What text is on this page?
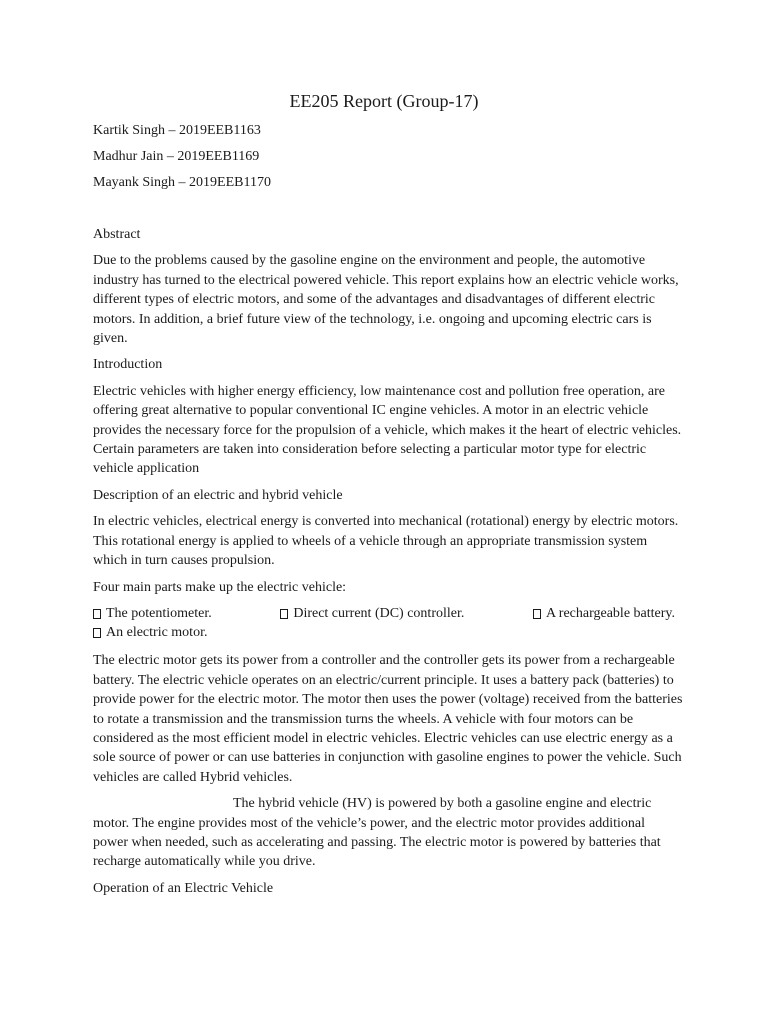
EE205 Report (Group-17)
Kartik Singh – 2019EEB1163
Madhur Jain – 2019EEB1169
Mayank Singh – 2019EEB1170

Abstract

Due to the problems caused by the gasoline engine on the environment and people, the automotive industry has turned to the electrical powered vehicle. This report explains how an electric vehicle works, different types of electric motors, and some of the advantages and disadvantages of different electric motors. In addition, a brief future view of the technology, i.e. ongoing and upcoming electric cars is given.

Introduction

Electric vehicles with higher energy efficiency, low maintenance cost and pollution free operation, are offering great alternative to popular conventional IC engine vehicles. A motor in an electric vehicle provides the necessary force for the propulsion of a vehicle, which makes it the heart of electric vehicles. Certain parameters are taken into consideration before selecting a particular motor type for electric vehicle application

Description of an electric and hybrid vehicle

In electric vehicles, electrical energy is converted into mechanical (rotational) energy by electric motors. This rotational energy is applied to wheels of a vehicle through an appropriate transmission system which in turn causes propulsion.

Four main parts make up the electric vehicle:

The potentiometer.	Direct current (DC) controller.	A rechargeable battery.
An electric motor.

The electric motor gets its power from a controller and the controller gets its power from a rechargeable battery. The electric vehicle operates on an electric/current principle. It uses a battery pack (batteries) to provide power for the electric motor. The motor then uses the power (voltage) received from the batteries to rotate a transmission and the transmission turns the wheels. A vehicle with four motors can be considered as the most efficient model in electric vehicles. Electric vehicles can use electric energy as a sole source of power or can use batteries in conjunction with gasoline engines to power the vehicle. Such vehicles are called Hybrid vehicles.

The hybrid vehicle (HV) is powered by both a gasoline engine and electric motor. The engine provides most of the vehicle’s power, and the electric motor provides additional power when needed, such as accelerating and passing. The electric motor is powered by batteries that recharge automatically while you drive.

Operation of an Electric Vehicle
